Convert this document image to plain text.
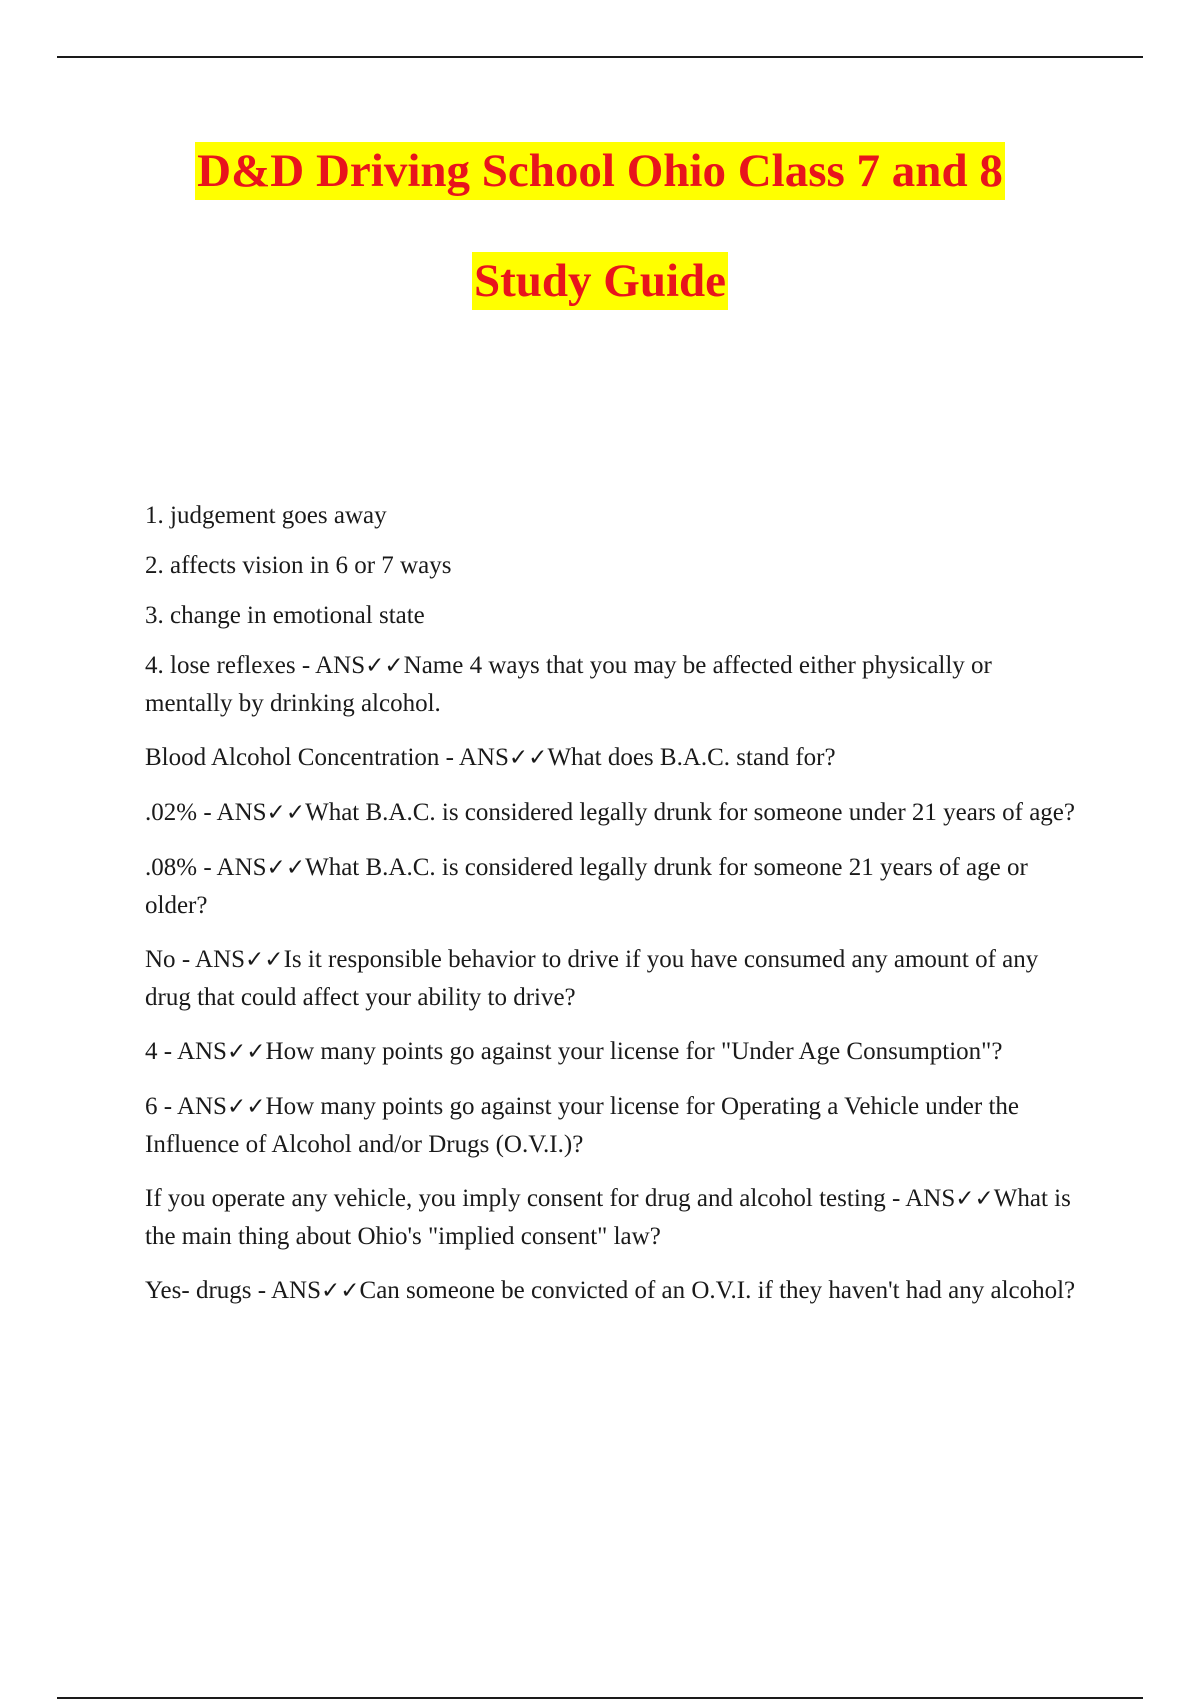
D&D Driving School Ohio Class 7 and 8
Study Guide

1. judgement goes away

2. affects vision in 6 or 7 ways

3. change in emotional state

4. lose reflexes - ANS✓✓Name 4 ways that you may be affected either physically or mentally by drinking alcohol.

Blood Alcohol Concentration - ANS✓✓What does B.A.C. stand for?

.02% - ANS✓✓What B.A.C. is considered legally drunk for someone under 21 years of age?

.08% - ANS✓✓What B.A.C. is considered legally drunk for someone 21 years of age or older?

No - ANS✓✓Is it responsible behavior to drive if you have consumed any amount of any drug that could affect your ability to drive?

4 - ANS✓✓How many points go against your license for "Under Age Consumption"?

6 - ANS✓✓How many points go against your license for Operating a Vehicle under the Influence of Alcohol and/or Drugs (O.V.I.)?

If you operate any vehicle, you imply consent for drug and alcohol testing - ANS✓✓What is the main thing about Ohio's "implied consent" law?

Yes- drugs - ANS✓✓Can someone be convicted of an O.V.I. if they haven't had any alcohol?
